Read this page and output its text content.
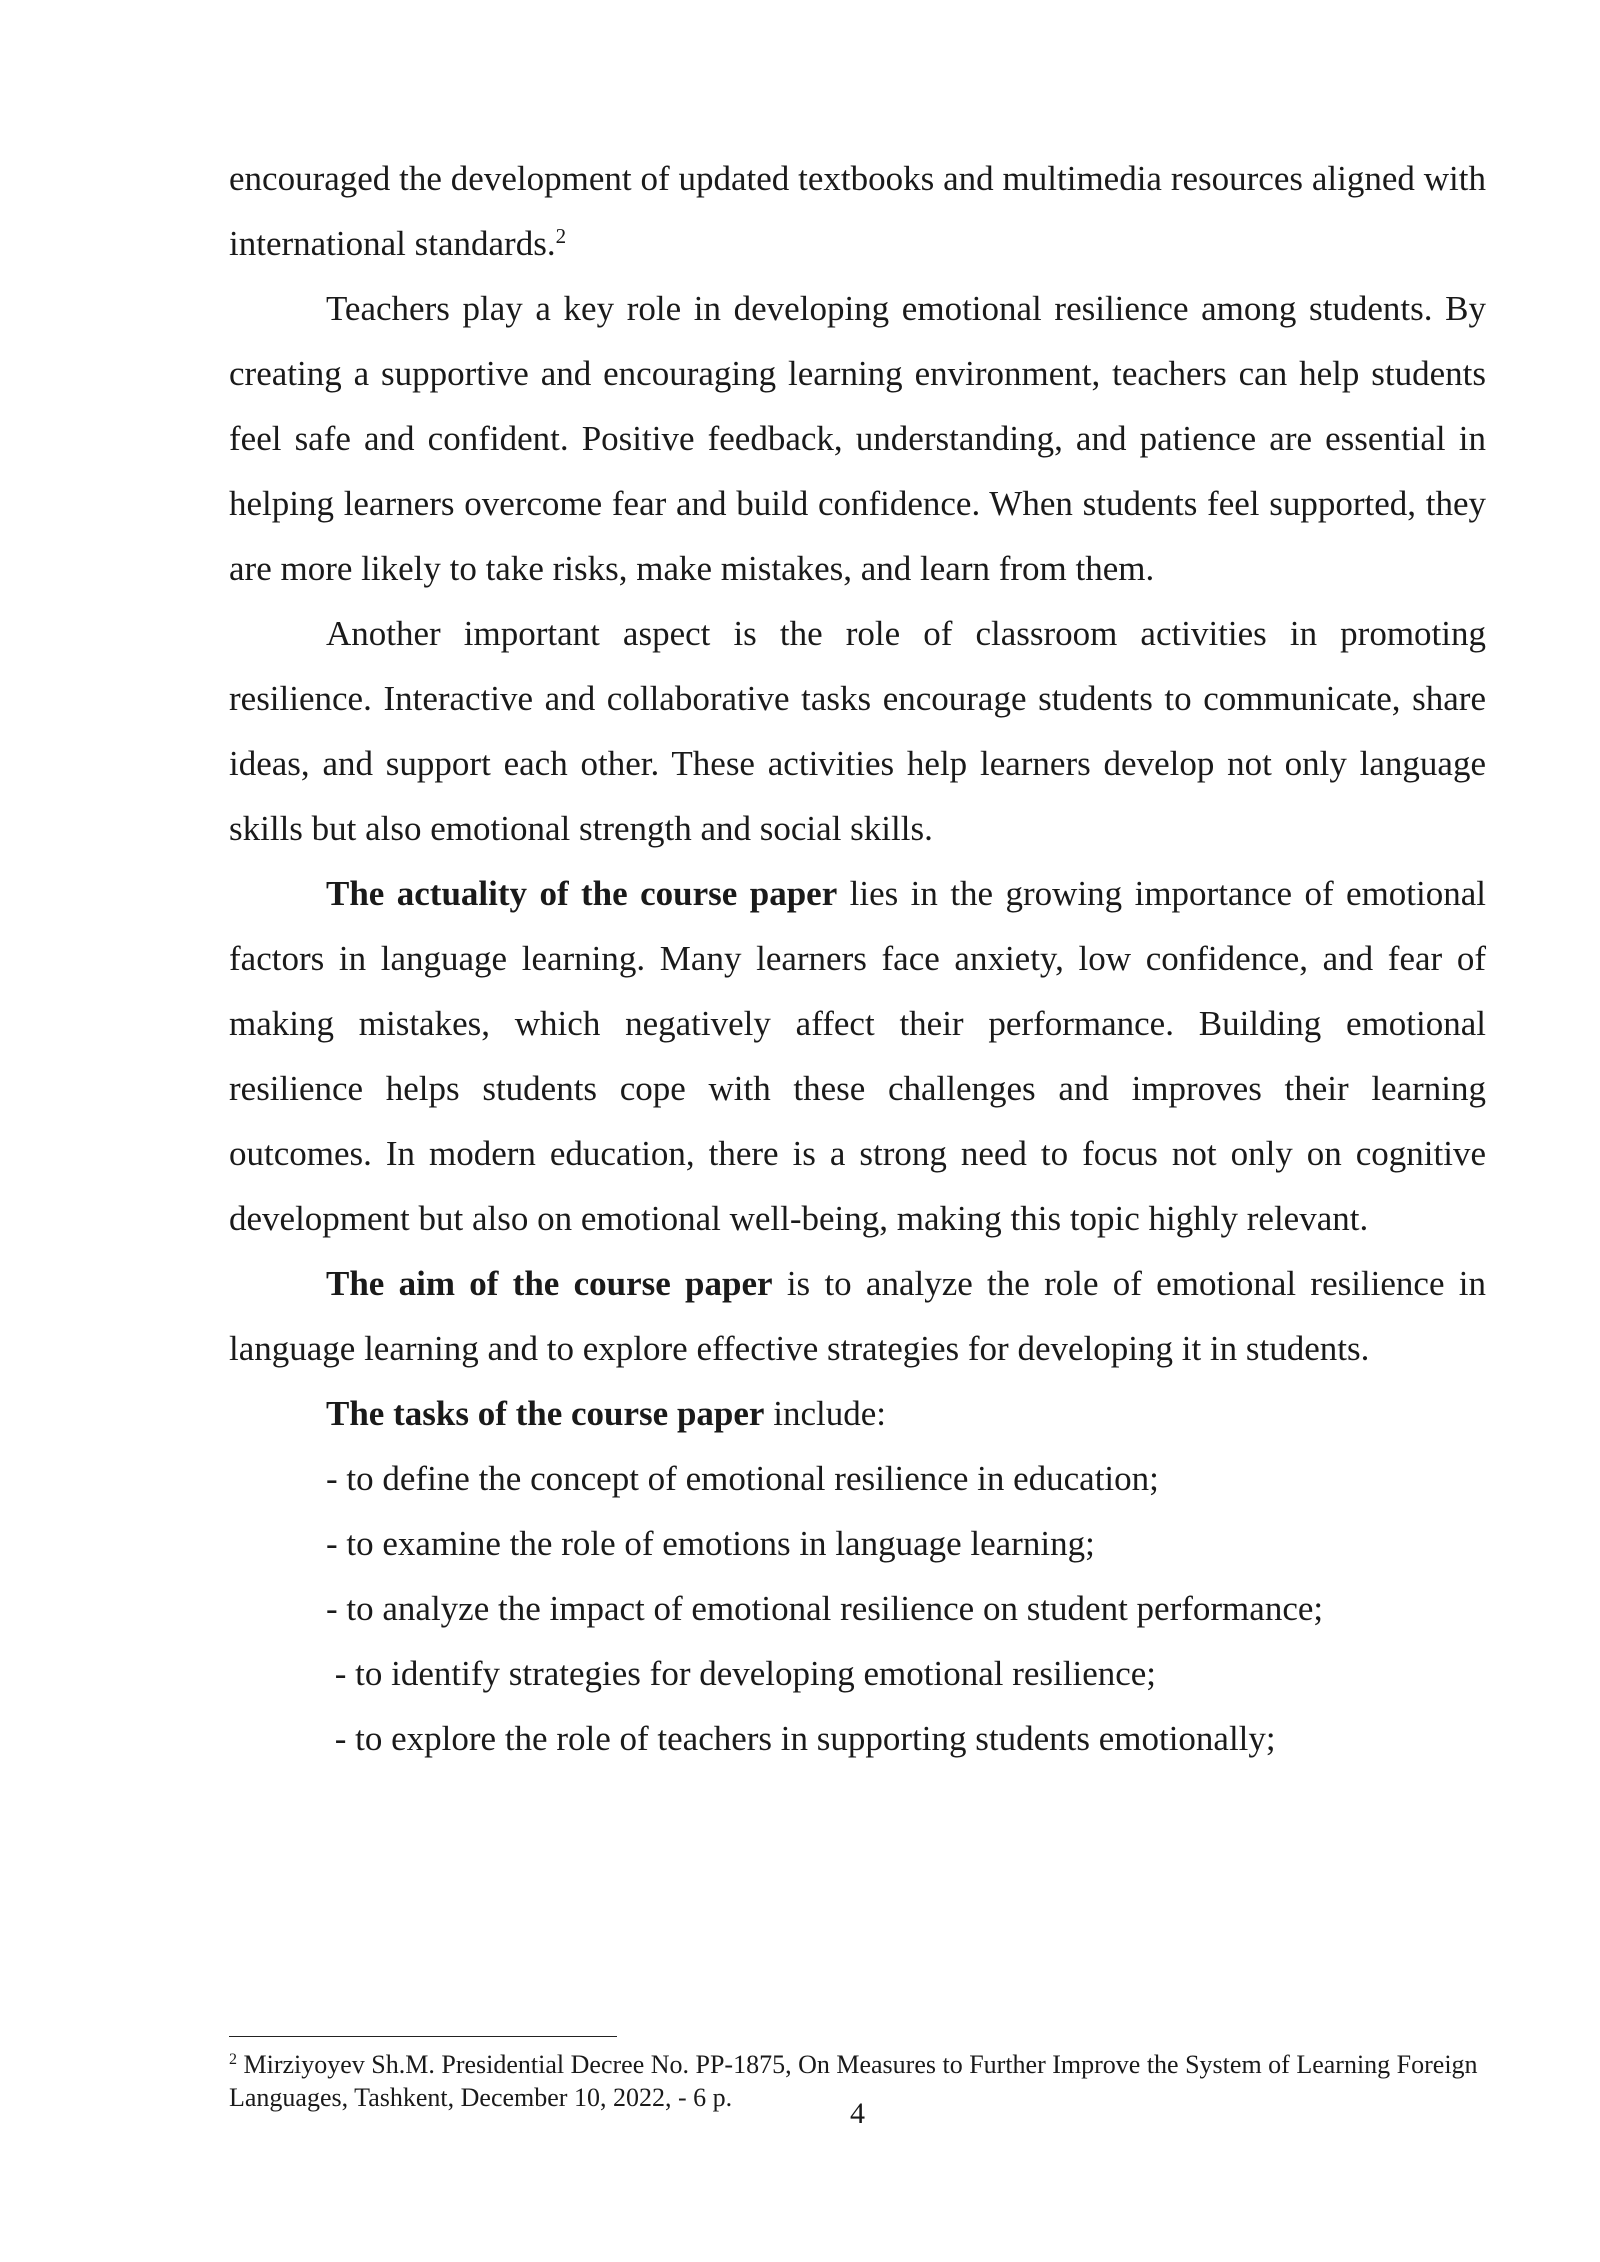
encouraged the development of updated textbooks and multimedia resources aligned with international standards.$^2$

Teachers play a key role in developing emotional resilience among students. By creating a supportive and encouraging learning environment, teachers can help students feel safe and confident. Positive feedback, understanding, and patience are essential in helping learners overcome fear and build confidence. When students feel supported, they are more likely to take risks, make mistakes, and learn from them.

Another important aspect is the role of classroom activities in promoting resilience. Interactive and collaborative tasks encourage students to communicate, share ideas, and support each other. These activities help learners develop not only language skills but also emotional strength and social skills.

The actuality of the course paper lies in the growing importance of emotional factors in language learning. Many learners face anxiety, low confidence, and fear of making mistakes, which negatively affect their performance. Building emotional resilience helps students cope with these challenges and improves their learning outcomes. In modern education, there is a strong need to focus not only on cognitive development but also on emotional well-being, making this topic highly relevant.

The aim of the course paper is to analyze the role of emotional resilience in language learning and to explore effective strategies for developing it in students.

The tasks of the course paper include:

- to define the concept of emotional resilience in education;

- to examine the role of emotions in language learning;

- to analyze the impact of emotional resilience on student performance;

- to identify strategies for developing emotional resilience;

- to explore the role of teachers in supporting students emotionally;

$^2$ Mirziyoyev Sh.M. Presidential Decree No. PP-1875, On Measures to Further Improve the System of Learning Foreign Languages, Tashkent, December 10, 2022, - 6 p.	4
